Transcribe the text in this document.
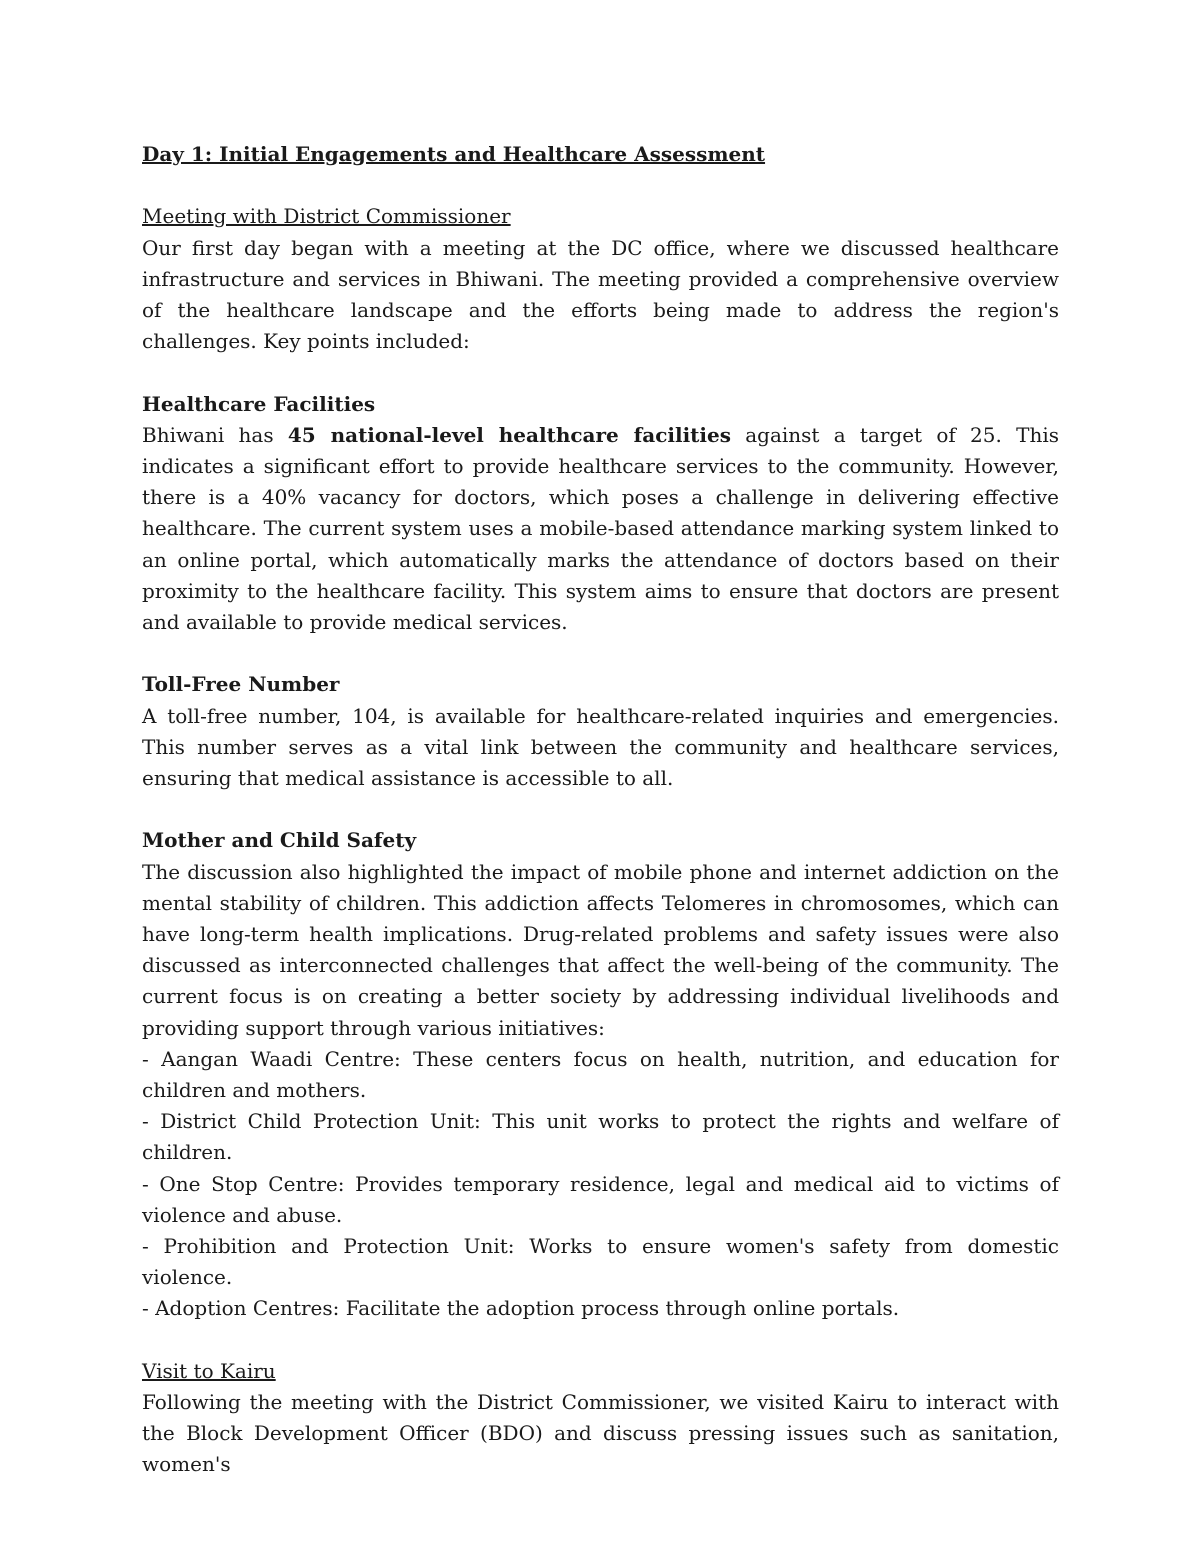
Day 1: Initial Engagements and Healthcare Assessment

Meeting with District Commissioner

Our first day began with a meeting at the DC office, where we discussed healthcare infrastructure and services in Bhiwani. The meeting provided a comprehensive overview of the healthcare landscape and the efforts being made to address the region's challenges. Key points included:

Healthcare Facilities

Bhiwani has 45 national-level healthcare facilities against a target of 25. This indicates a significant effort to provide healthcare services to the community. However, there is a 40% vacancy for doctors, which poses a challenge in delivering effective healthcare. The current system uses a mobile-based attendance marking system linked to an online portal, which automatically marks the attendance of doctors based on their proximity to the healthcare facility. This system aims to ensure that doctors are present and available to provide medical services.

Toll-Free Number

A toll-free number, 104, is available for healthcare-related inquiries and emergencies. This number serves as a vital link between the community and healthcare services, ensuring that medical assistance is accessible to all.

Mother and Child Safety

The discussion also highlighted the impact of mobile phone and internet addiction on the mental stability of children. This addiction affects Telomeres in chromosomes, which can have long-term health implications. Drug-related problems and safety issues were also discussed as interconnected challenges that affect the well-being of the community. The current focus is on creating a better society by addressing individual livelihoods and providing support through various initiatives:

- Aangan Waadi Centre: These centers focus on health, nutrition, and education for children and mothers.

- District Child Protection Unit: This unit works to protect the rights and welfare of children.

- One Stop Centre: Provides temporary residence, legal and medical aid to victims of violence and abuse.

- Prohibition and Protection Unit: Works to ensure women's safety from domestic violence.

- Adoption Centres: Facilitate the adoption process through online portals.

Visit to Kairu

Following the meeting with the District Commissioner, we visited Kairu to interact with the Block Development Officer (BDO) and discuss pressing issues such as sanitation, women's
